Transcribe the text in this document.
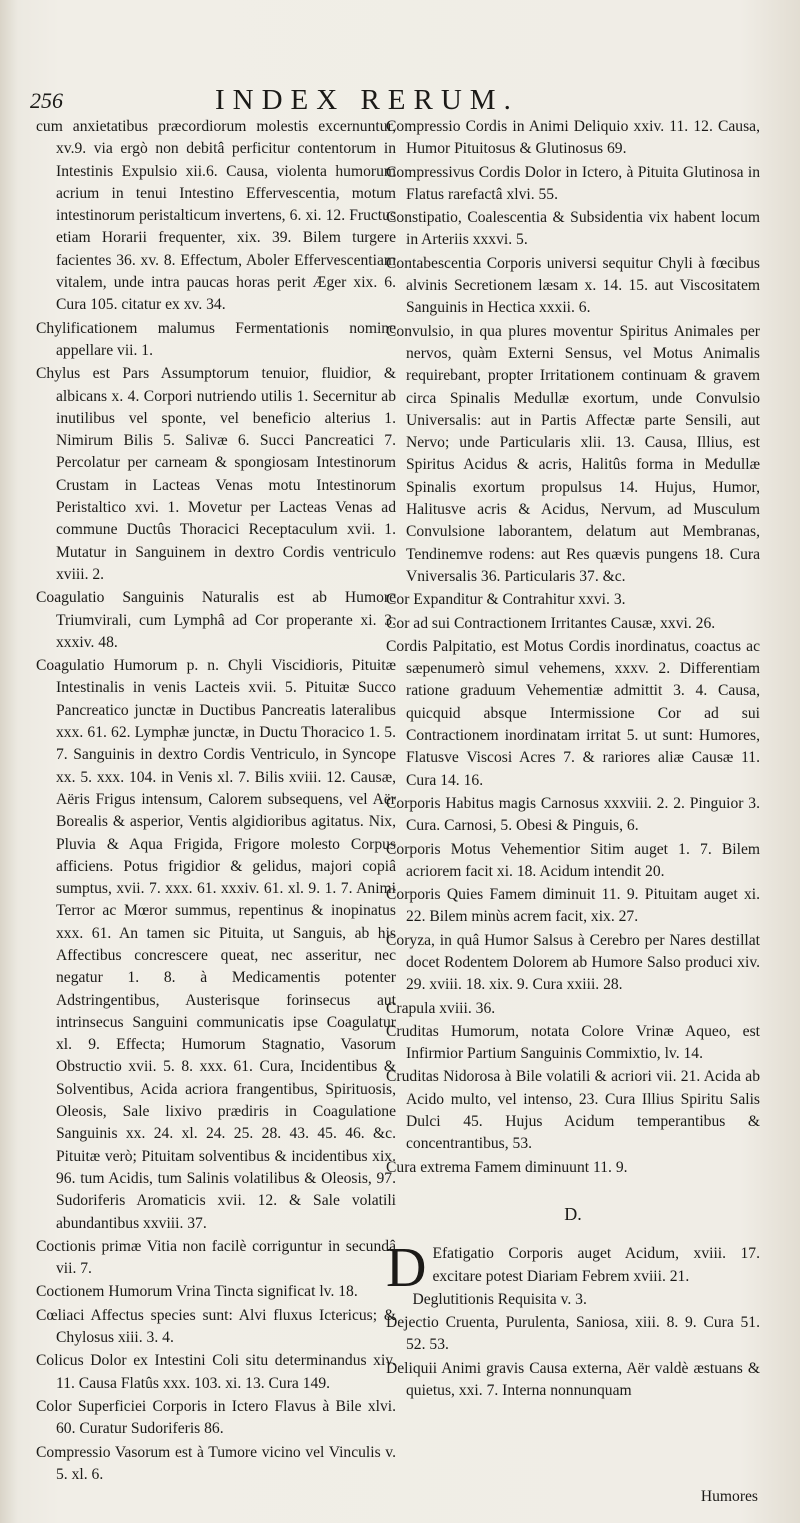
256	INDEX RERUM.

cum anxietatibus præcordiorum molestis excernuntur, xv.9. via ergò non debitâ perficitur contentorum in Intestinis Expulsio xii.6. Causa, violenta humorum acrium in tenui Intestino Effervescentia, motum intestinorum peristalticum invertens, 6. xi. 12. Fructus etiam Horarii frequenter, xix. 39. Bilem turgere facientes 36. xv. 8. Effectum, Aboler Effervescentiam vitalem, unde intra paucas horas perit Æger xix. 6. Cura 105. citatur ex xv. 34.

Chylificationem malumus Fermentationis nomine appellare vii. 1.

Chylus est Pars Assumptorum tenuior, fluidior, & albicans x. 4. Corpori nutriendo utilis 1. Secernitur ab inutilibus vel sponte, vel beneficio alterius 1. Nimirum Bilis 5. Salivæ 6. Succi Pancreatici 7. Percolatur per carneam & spongiosam Intestinorum Crustam in Lacteas Venas motu Intestinorum Peristaltico xvi. 1. Movetur per Lacteas Venas ad commune Ductûs Thoracici Receptaculum xvii. 1. Mutatur in Sanguinem in dextro Cordis ventriculo xviii. 2.

Coagulatio Sanguinis Naturalis est ab Humore Triumvirali, cum Lymphâ ad Cor properante xi. 3. xxxiv. 48.

Coagulatio Humorum p. n. Chyli Viscidioris, Pituitæ Intestinalis in venis Lacteis xvii. 5. Pituitæ Succo Pancreatico junctæ in Ductibus Pancreatis lateralibus xxx. 61. 62. Lymphæ junctæ, in Ductu Thoracico 1. 5. 7. Sanguinis in dextro Cordis Ventriculo, in Syncope xx. 5. xxx. 104. in Venis xl. 7. Bilis xviii. 12. Causæ, Aëris Frigus intensum, Calorem subsequens, vel Aër Borealis & asperior, Ventis algidioribus agitatus. Nix, Pluvia & Aqua Frigida, Frigore molesto Corpus afficiens. Potus frigidior & gelidus, majori copiâ sumptus, xvii. 7. xxx. 61. xxxiv. 61. xl. 9. 1. 7. Animi Terror ac Mœror summus, repentinus & inopinatus xxx. 61. An tamen sic Pituita, ut Sanguis, ab his Affectibus concrescere queat, nec asseritur, nec negatur 1. 8. à Medicamentis potenter Adstringentibus, Austerisque forinsecus aut intrinsecus Sanguini communicatis ipse Coagulatur xl. 9. Effecta; Humorum Stagnatio, Vasorum Obstructio xvii. 5. 8. xxx. 61. Cura, Incidentibus & Solventibus, Acida acriora frangentibus, Spirituosis, Oleosis, Sale lixivo prædiris in Coagulatione Sanguinis xx. 24. xl. 24. 25. 28. 43. 45. 46. &c. Pituitæ verò; Pituitam solventibus & incidentibus xix. 96. tum Acidis, tum Salinis volatilibus & Oleosis, 97. Sudoriferis Aromaticis xvii. 12. & Sale volatili abundantibus xxviii. 37.

Coctionis primæ Vitia non facilè corriguntur in secundâ vii. 7.

Coctionem Humorum Vrina Tincta significat lv. 18.

Cœliaci Affectus species sunt: Alvi fluxus Ictericus; & Chylosus xiii. 3. 4.

Colicus Dolor ex Intestini Coli situ determinandus xiv. 11. Causa Flatûs xxx. 103. xi. 13. Cura 149.

Color Superficiei Corporis in Ictero Flavus à Bile xlvi. 60. Curatur Sudoriferis 86.

Compressio Vasorum est à Tumore vicino vel Vinculis v. 5. xl. 6.

Compressio Cordis in Animi Deliquio xxiv. 11. 12. Causa, Humor Pituitosus & Glutinosus 69.

Compressivus Cordis Dolor in Ictero, à Pituita Glutinosa in Flatus rarefactâ xlvi. 55.

Constipatio, Coalescentia & Subsidentia vix habent locum in Arteriis xxxvi. 5.

Contabescentia Corporis universi sequitur Chyli à fœcibus alvinis Secretionem læsam x. 14. 15. aut Viscositatem Sanguinis in Hectica xxxii. 6.

Convulsio, in qua plures moventur Spiritus Animales per nervos, quàm Externi Sensus, vel Motus Animalis requirebant, propter Irritationem continuam & gravem circa Spinalis Medullæ exortum, unde Convulsio Universalis: aut in Partis Affectæ parte Sensili, aut Nervo; unde Particularis xlii. 13. Causa, Illius, est Spiritus Acidus & acris, Halitûs forma in Medullæ Spinalis exortum propulsus 14. Hujus, Humor, Halitusve acris & Acidus, Nervum, ad Musculum Convulsione laborantem, delatum aut Membranas, Tendinemve rodens: aut Res quævis pungens 18. Cura Vniversalis 36. Particularis 37. &c.

Cor Expanditur & Contrahitur xxvi. 3.

Cor ad sui Contractionem Irritantes Causæ, xxvi. 26.

Cordis Palpitatio, est Motus Cordis inordinatus, coactus ac sæpenumerò simul vehemens, xxxv. 2. Differentiam ratione graduum Vehementiæ admittit 3. 4. Causa, quicquid absque Intermissione Cor ad sui Contractionem inordinatam irritat 5. ut sunt: Humores, Flatusve Viscosi Acres 7. & rariores aliæ Causæ 11. Cura 14. 16.

Corporis Habitus magis Carnosus xxxviii. 2. 2. Pinguior 3. Cura. Carnosi, 5. Obesi & Pinguis, 6.

Corporis Motus Vehementior Sitim auget 1. 7. Bilem acriorem facit xi. 18. Acidum intendit 20.

Corporis Quies Famem diminuit 11. 9. Pituitam auget xi. 22. Bilem minùs acrem facit, xix. 27.

Coryza, in quâ Humor Salsus à Cerebro per Nares destillat docet Rodentem Dolorem ab Humore Salso produci xiv. 29. xviii. 18. xix. 9. Cura xxiii. 28.

Crapula xviii. 36.

Cruditas Humorum, notata Colore Vrinæ Aqueo, est Infirmior Partium Sanguinis Commixtio, lv. 14.

Cruditas Nidorosa à Bile volatili & acriori vii. 21. Acida ab Acido multo, vel intenso, 23. Cura Illius Spiritu Salis Dulci 45. Hujus Acidum temperantibus & concentrantibus, 53.

Cura extrema Famem diminuunt 11. 9.

D.

D Efatigatio Corporis auget Acidum, xviii. 17. excitare potest Diariam Febrem xviii. 21.

Deglutitionis Requisita v. 3.

Dejectio Cruenta, Purulenta, Saniosa, xiii. 8. 9. Cura 51. 52. 53.

Deliquii Animi gravis Causa externa, Aër valdè æstuans & quietus, xxi. 7. Interna nonnunquam

Humores
